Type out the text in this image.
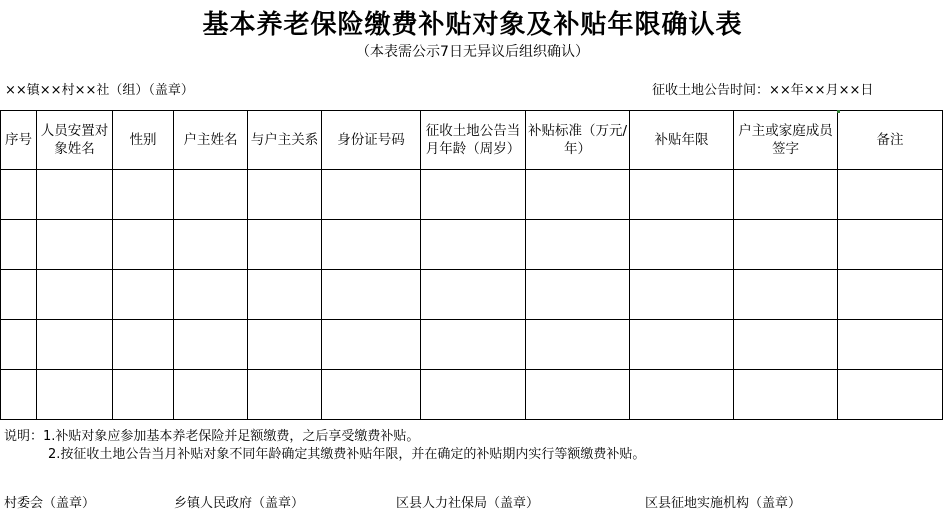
基本养老保险缴费补贴对象及补贴年限确认表
（本表需公示7日无异议后组织确认）
××镇××村××社（组）（盖章）	征收土地公告时间：××年××月××日
序号	人员安置对象姓名	性别	户主姓名	与户主关系	身份证号码	征收土地公告当月年龄（周岁）	补贴标准（万元/年）	补贴年限	户主或家庭成员签字	备注

说明：1.补贴对象应参加基本养老保险并足额缴费，之后享受缴费补贴。
2.按征收土地公告当月补贴对象不同年龄确定其缴费补贴年限，并在确定的补贴期内实行等额缴费补贴。
村委会（盖章）	乡镇人民政府（盖章）	区县人力社保局（盖章）	区县征地实施机构（盖章）
